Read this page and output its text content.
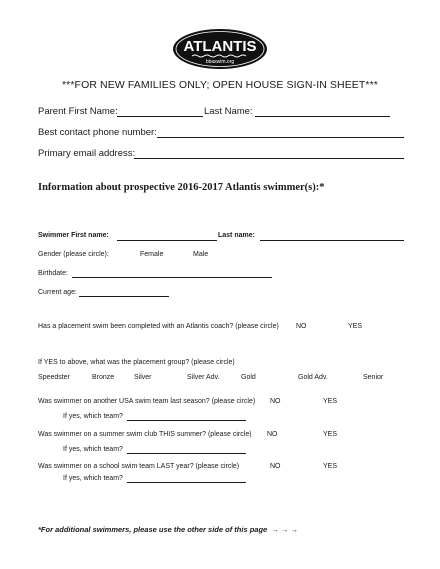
ATLANTIS
bbaswim.org
***FOR NEW FAMILIES ONLY; OPEN HOUSE SIGN-IN SHEET***
Parent First Name:	Last Name:
Best contact phone number:
Primary email address:
Information about prospective 2016-2017 Atlantis swimmer(s):*
Swimmer First name:	Last name:
Gender (please circle):	Female	Male
Birthdate:
Current age:
Has a placement swim been completed with an Atlantis coach? (please circle) NO	YES
If YES to above, what was the placement group? (please circle)
Speedster	Bronze	Silver	Silver Adv.	Gold	Gold Adv.	Senior
Was swimmer on another USA swim team last season? (please circle) NO	YES
If yes, which team?
Was swimmer on a summer swim club THIS summer? (please circle) NO	YES
If yes, which team?
Was swimmer on a school swim team LAST year? (please circle)	NO	YES
If yes, which team?
*For additional swimmers, please use the other side of this page → → →
